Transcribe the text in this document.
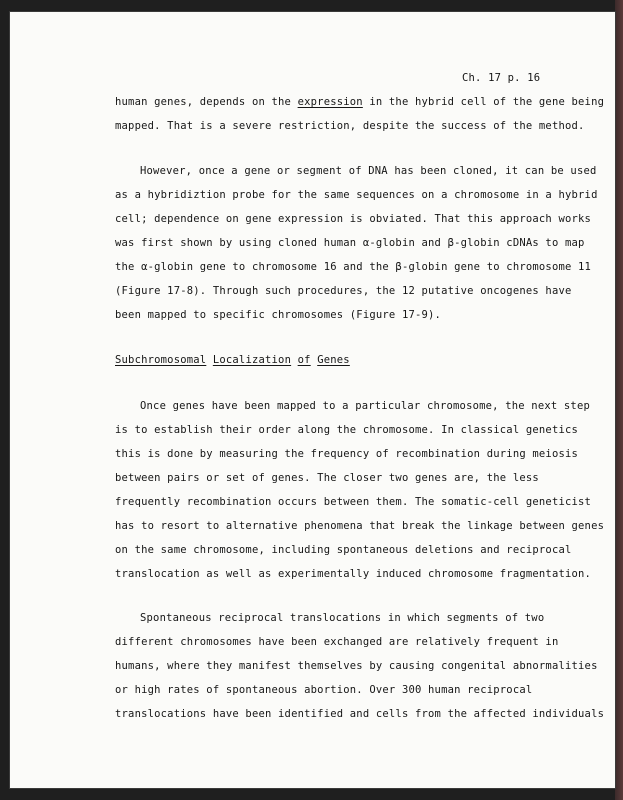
Ch. 17 p. 16
human genes, depends on the expression in the hybrid cell of the gene being
mapped. That is a severe restriction, despite the success of the method.
However, once a gene or segment of DNA has been cloned, it can be used
as a hybridiztion probe for the same sequences on a chromosome in a hybrid
cell; dependence on gene expression is obviated. That this approach works
was first shown by using cloned human α-globin and β-globin cDNAs to map
the α-globin gene to chromosome 16 and the β-globin gene to chromosome 11
(Figure 17-8). Through such procedures, the 12 putative oncogenes have
been mapped to specific chromosomes (Figure 17-9).
Subchromosomal Localization of Genes
Once genes have been mapped to a particular chromosome, the next step
is to establish their order along the chromosome. In classical genetics
this is done by measuring the frequency of recombination during meiosis
between pairs or set of genes. The closer two genes are, the less
frequently recombination occurs between them. The somatic-cell geneticist
has to resort to alternative phenomena that break the linkage between genes
on the same chromosome, including spontaneous deletions and reciprocal
translocation as well as experimentally induced chromosome fragmentation.
Spontaneous reciprocal translocations in which segments of two
different chromosomes have been exchanged are relatively frequent in
humans, where they manifest themselves by causing congenital abnormalities
or high rates of spontaneous abortion. Over 300 human reciprocal
translocations have been identified and cells from the affected individuals
